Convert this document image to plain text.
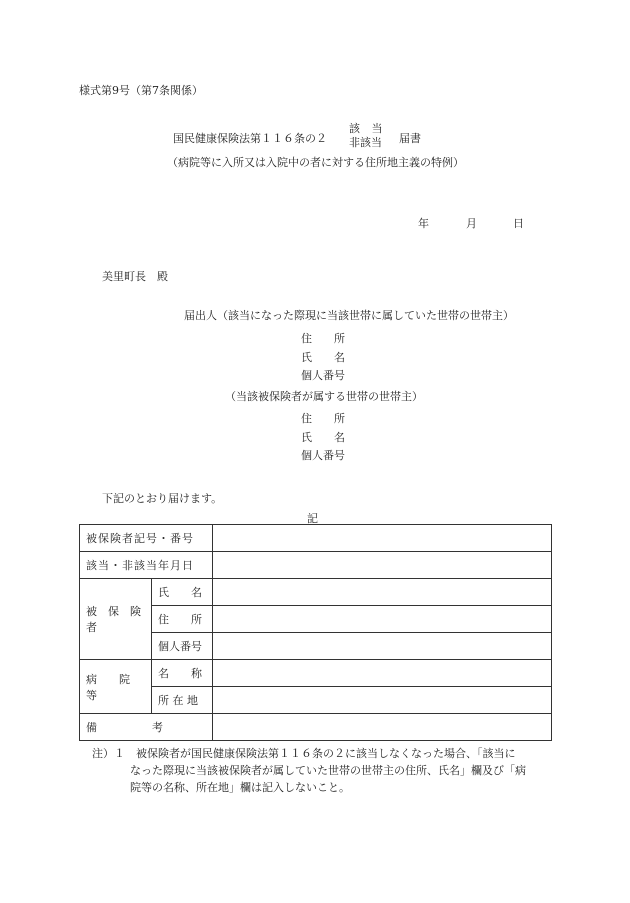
様式第9号（第7条関係）
国民健康保険法第１１６条の２
該 当
非該当	届書
（病院等に入所又は入院中の者に対する住所地主義の特例）
年	月	日
美里町長　殿
届出人（該当になった際現に当該世帯に属していた世帯の世帯主）
住　　所
氏　　名
個人番号
（当該被保険者が属する世帯の世帯主）
住　　所
氏　　名
個人番号
下記のとおり届けます。
記
被保険者記号・番号		
該当・非該当年月日		
被　保　険　者	氏　　名	
	住　　所	
	個人番号	
病　　院　　等	名　　称	
	所 在 地	
備　　　　　考		
注）１　 被保険者が国民健康保険法第１１６条の２に該当しなくなった場合、「該当に
なった際現に当該被保険者が属していた世帯の世帯主の住所、氏名」欄及び「病
院等の名称、所在地」欄は記入しないこと。
